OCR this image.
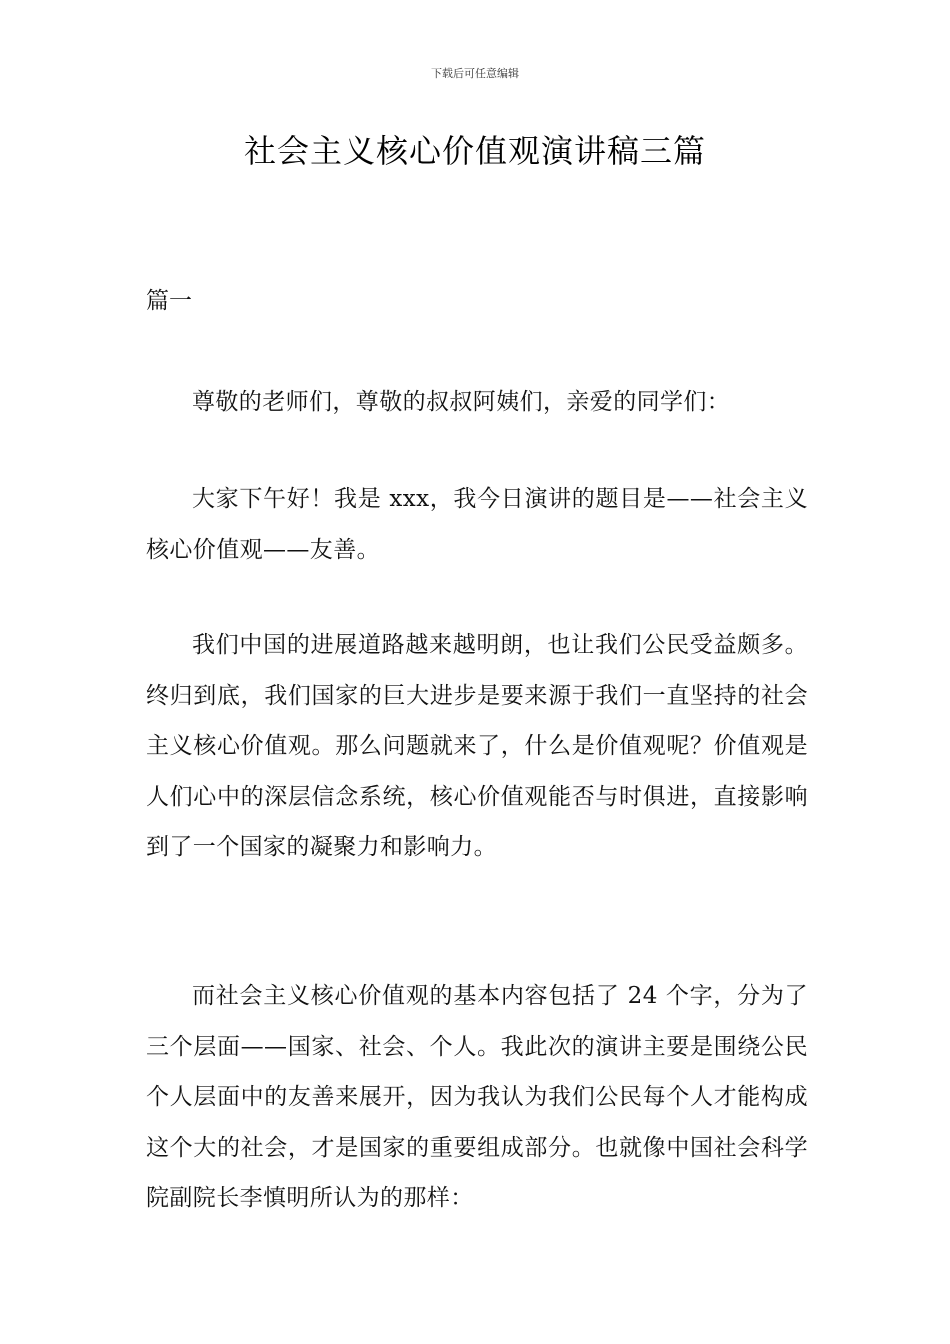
下载后可任意编辑
社会主义核心价值观演讲稿三篇
篇一

尊敬的老师们，尊敬的叔叔阿姨们，亲爱的同学们：

大家下午好！我是 xxx，我今日演讲的题目是——社会主义核心价值观——友善。

我们中国的进展道路越来越明朗，也让我们公民受益颇多。终归到底，我们国家的巨大进步是要来源于我们一直坚持的社会主义核心价值观。那么问题就来了，什么是价值观呢？价值观是人们心中的深层信念系统，核心价值观能否与时俱进，直接影响到了一个国家的凝聚力和影响力。

而社会主义核心价值观的基本内容包括了 24 个字，分为了三个层面——国家、社会、个人。我此次的演讲主要是围绕公民个人层面中的友善来展开，因为我认为我们公民每个人才能构成这个大的社会，才是国家的重要组成部分。也就像中国社会科学院副院长李慎明所认为的那样：
